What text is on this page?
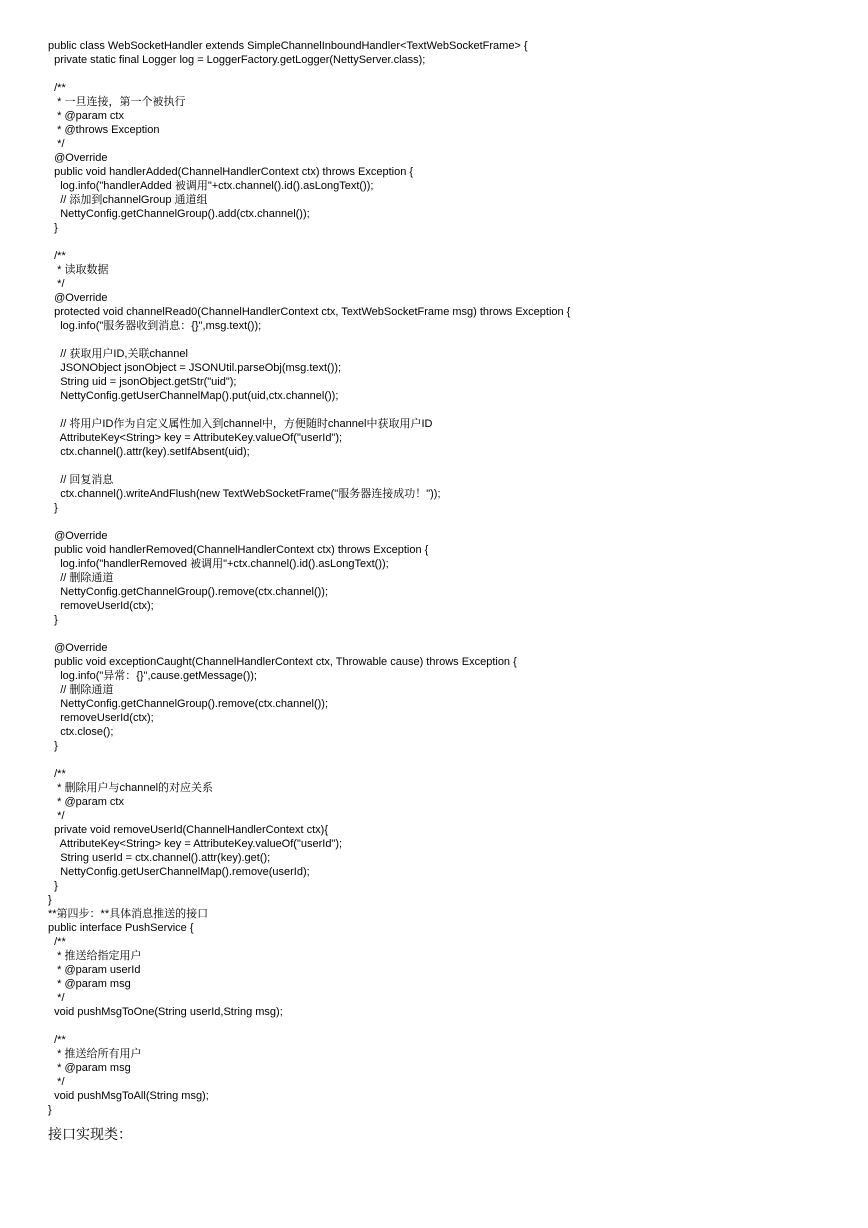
public class WebSocketHandler extends SimpleChannelInboundHandler<TextWebSocketFrame> {
private static final Logger log = LoggerFactory.getLogger(NettyServer.class);
/**
* 一旦连接，第一个被执行
* @param ctx
* @throws Exception
*/
@Override
public void handlerAdded(ChannelHandlerContext ctx) throws Exception {
log.info("handlerAdded 被调用"+ctx.channel().id().asLongText());
// 添加到channelGroup 通道组
NettyConfig.getChannelGroup().add(ctx.channel());
}
/**
* 读取数据
*/
@Override
protected void channelRead0(ChannelHandlerContext ctx, TextWebSocketFrame msg) throws Exception {
log.info("服务器收到消息：{}",msg.text());
// 获取用户ID,关联channel
JSONObject jsonObject = JSONUtil.parseObj(msg.text());
String uid = jsonObject.getStr("uid");
NettyConfig.getUserChannelMap().put(uid,ctx.channel());
// 将用户ID作为自定义属性加入到channel中，方便随时channel中获取用户ID
AttributeKey<String> key = AttributeKey.valueOf("userId");
ctx.channel().attr(key).setIfAbsent(uid);
// 回复消息
ctx.channel().writeAndFlush(new TextWebSocketFrame("服务器连接成功！"));
}
@Override
public void handlerRemoved(ChannelHandlerContext ctx) throws Exception {
log.info("handlerRemoved 被调用"+ctx.channel().id().asLongText());
// 删除通道
NettyConfig.getChannelGroup().remove(ctx.channel());
removeUserId(ctx);
}
@Override
public void exceptionCaught(ChannelHandlerContext ctx, Throwable cause) throws Exception {
log.info("异常：{}",cause.getMessage());
// 删除通道
NettyConfig.getChannelGroup().remove(ctx.channel());
removeUserId(ctx);
ctx.close();
}
/**
* 删除用户与channel的对应关系
* @param ctx
*/
private void removeUserId(ChannelHandlerContext ctx){
AttributeKey<String> key = AttributeKey.valueOf("userId");
String userId = ctx.channel().attr(key).get();
NettyConfig.getUserChannelMap().remove(userId);
}
}
**第四步：**具体消息推送的接口
public interface PushService {
/**
* 推送给指定用户
* @param userId
* @param msg
*/
void pushMsgToOne(String userId,String msg);
/**
* 推送给所有用户
* @param msg
*/
void pushMsgToAll(String msg);
}
接口实现类：
